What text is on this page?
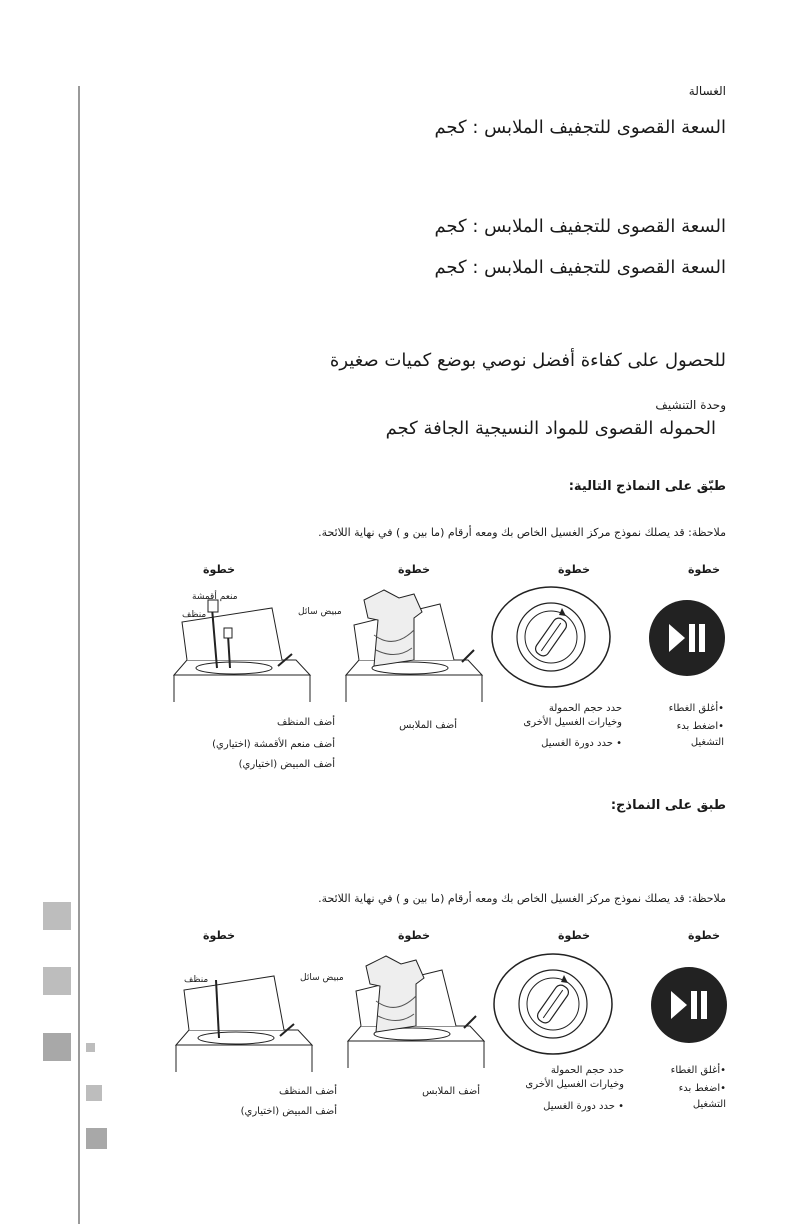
الغسالة
السعة القصوى للتجفيف الملابس : كجم
السعة القصوى للتجفيف الملابس : كجم
السعة القصوى للتجفيف الملابس : كجم
للحصول على كفاءة أفضل نوصي بوضع كميات صغيرة
وحدة التنشيف
الحموله القصوى للمواد النسيجية الجافة كجم
طبّق على النماذج التالية:
ملاحظة: قد يصلك نموذج مركز الغسيل الخاص بك ومعه أرقام (ما بين و ) في نهاية اللائحة.
خطوة
خطوة
خطوة
خطوة
مبيض سائل
منعم أقمشة
منظف
•أغلق الغطاء
•اضغط بدء
التشغيل
حدد حجم الحمولة
وخيارات الغسيل الأخرى
• حدد دورة الغسيل
أضف الملابس
أضف المنظف
أضف منعم الأقمشة (اختياري)
أضف المبيض (اختياري)
طبق على النماذج:
ملاحظة: قد يصلك نموذج مركز الغسيل الخاص بك ومعه أرقام (ما بين و ) في نهاية اللائحة.
خطوة
خطوة
خطوة
خطوة
مبيض سائل
منظف
•أغلق الغطاء
•اضغط بدء
التشغيل
حدد حجم الحمولة
وخيارات الغسيل الأخرى
• حدد دورة الغسيل
أضف الملابس
أضف المنظف
أضف المبيض (اختياري)
